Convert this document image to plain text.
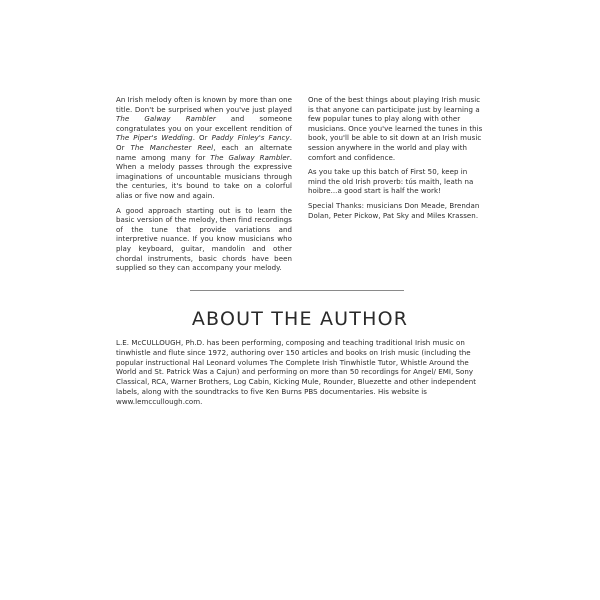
An Irish melody often is known by more than one title. Don't be surprised when you've just played The Galway Rambler and someone congratulates you on your excellent rendition of The Piper's Wedding. Or Paddy Finley's Fancy. Or The Manchester Reel, each an alternate name among many for The Galway Rambler. When a melody passes through the expressive imaginations of uncountable musicians through the centuries, it's bound to take on a colorful alias or five now and again.

A good approach starting out is to learn the basic version of the melody, then find recordings of the tune that provide variations and interpretive nuance. If you know musicians who play keyboard, guitar, mandolin and other chordal instruments, basic chords have been supplied so they can accompany your melody.

One of the best things about playing Irish music is that anyone can participate just by learning a few popular tunes to play along with other musicians. Once you've learned the tunes in this book, you'll be able to sit down at an Irish music session anywhere in the world and play with comfort and confidence.

As you take up this batch of First 50, keep in mind the old Irish proverb: tús maith, leath na hoibre...a good start is half the work!

Special Thanks: musicians Don Meade, Brendan Dolan, Peter Pickow, Pat Sky and Miles Krassen.

ABOUT THE AUTHOR

L.E. McCULLOUGH, Ph.D. has been performing, composing and teaching traditional Irish music on tinwhistle and flute since 1972, authoring over 150 articles and books on Irish music (including the popular instructional Hal Leonard volumes The Complete Irish Tinwhistle Tutor, Whistle Around the World and St. Patrick Was a Cajun) and performing on more than 50 recordings for Angel/ EMI, Sony Classical, RCA, Warner Brothers, Log Cabin, Kicking Mule, Rounder, Bluezette and other independent labels, along with the soundtracks to five Ken Burns PBS documentaries. His website is www.lemccullough.com.
